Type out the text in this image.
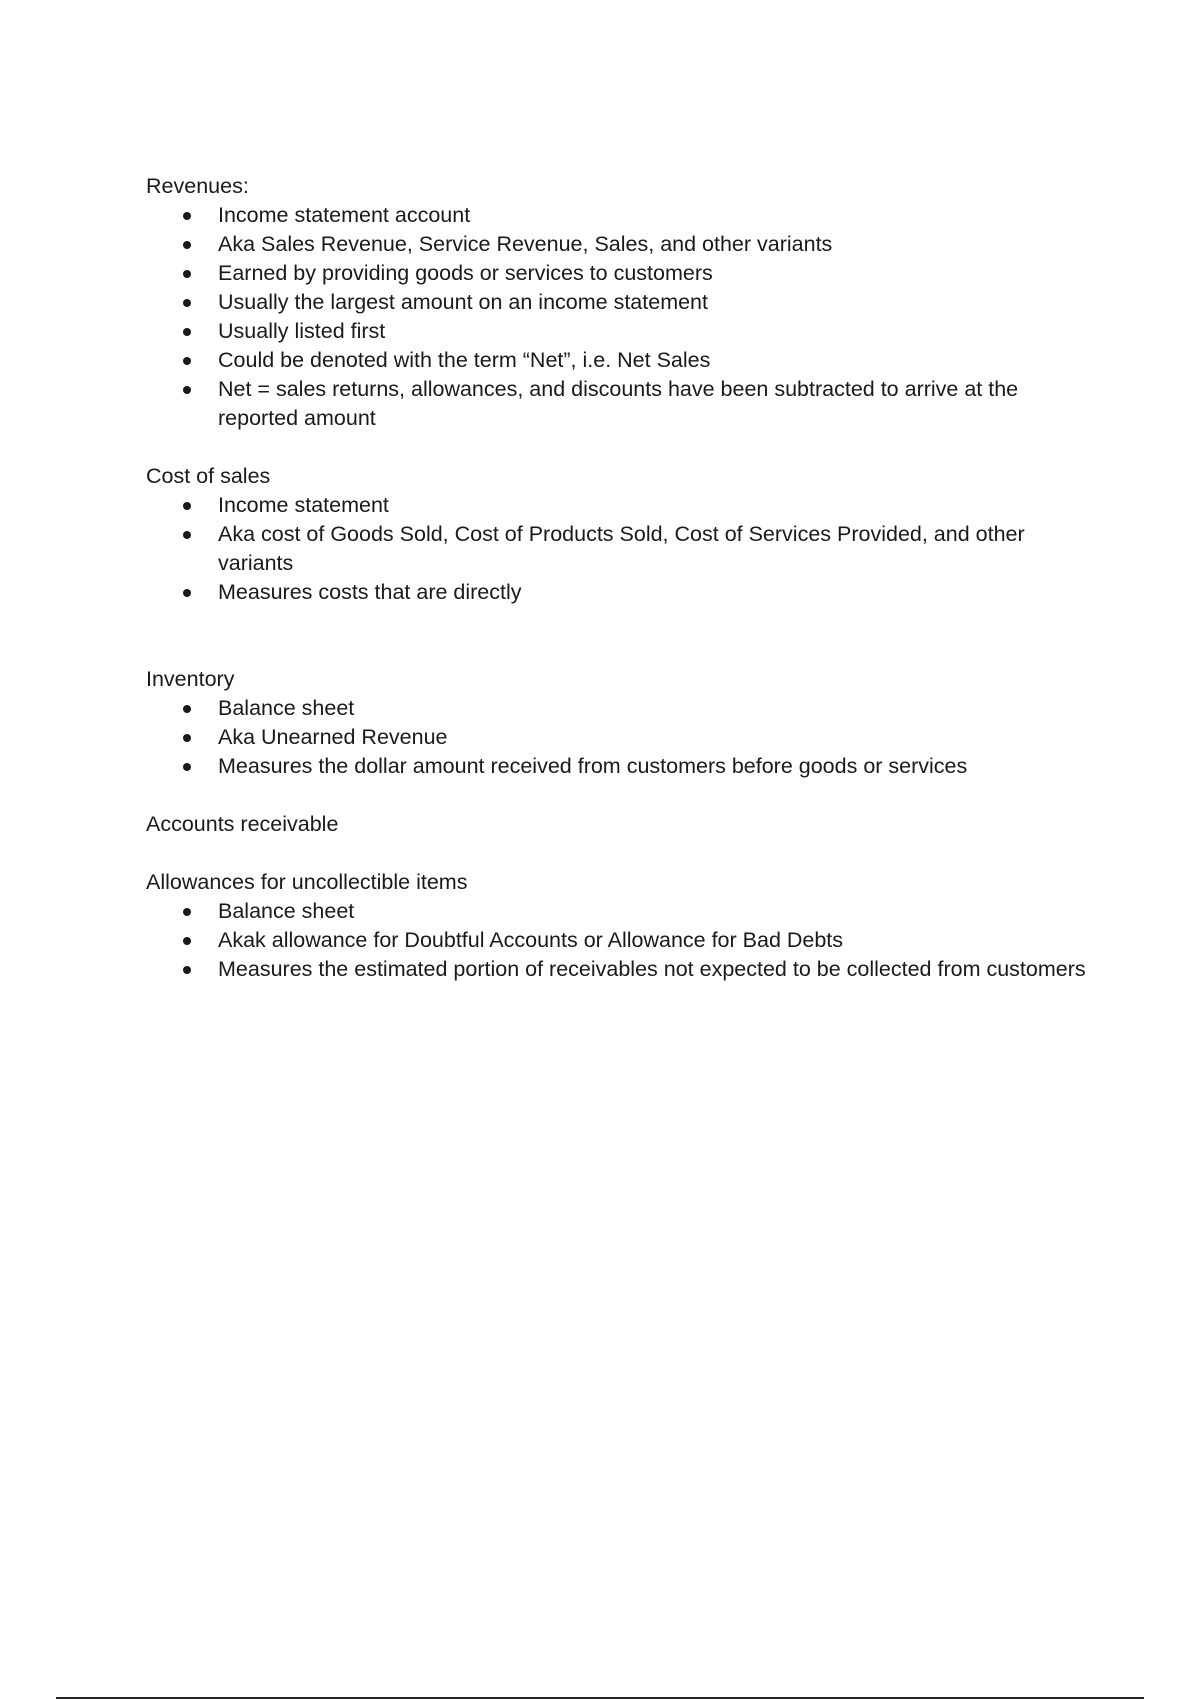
Revenues:

Income statement account
Aka Sales Revenue, Service Revenue, Sales, and other variants
Earned by providing goods or services to customers
Usually the largest amount on an income statement
Usually listed first
Could be denoted with the term “Net”, i.e. Net Sales
Net = sales returns, allowances, and discounts have been subtracted to arrive at the reported amount

Cost of sales

Income statement
Aka cost of Goods Sold, Cost of Products Sold, Cost of Services Provided, and other variants
Measures costs that are directly

Inventory

Balance sheet
Aka Unearned Revenue
Measures the dollar amount received from customers before goods or services

Accounts receivable

Allowances for uncollectible items

Balance sheet
Akak allowance for Doubtful Accounts or Allowance for Bad Debts
Measures the estimated portion of receivables not expected to be collected from customers
